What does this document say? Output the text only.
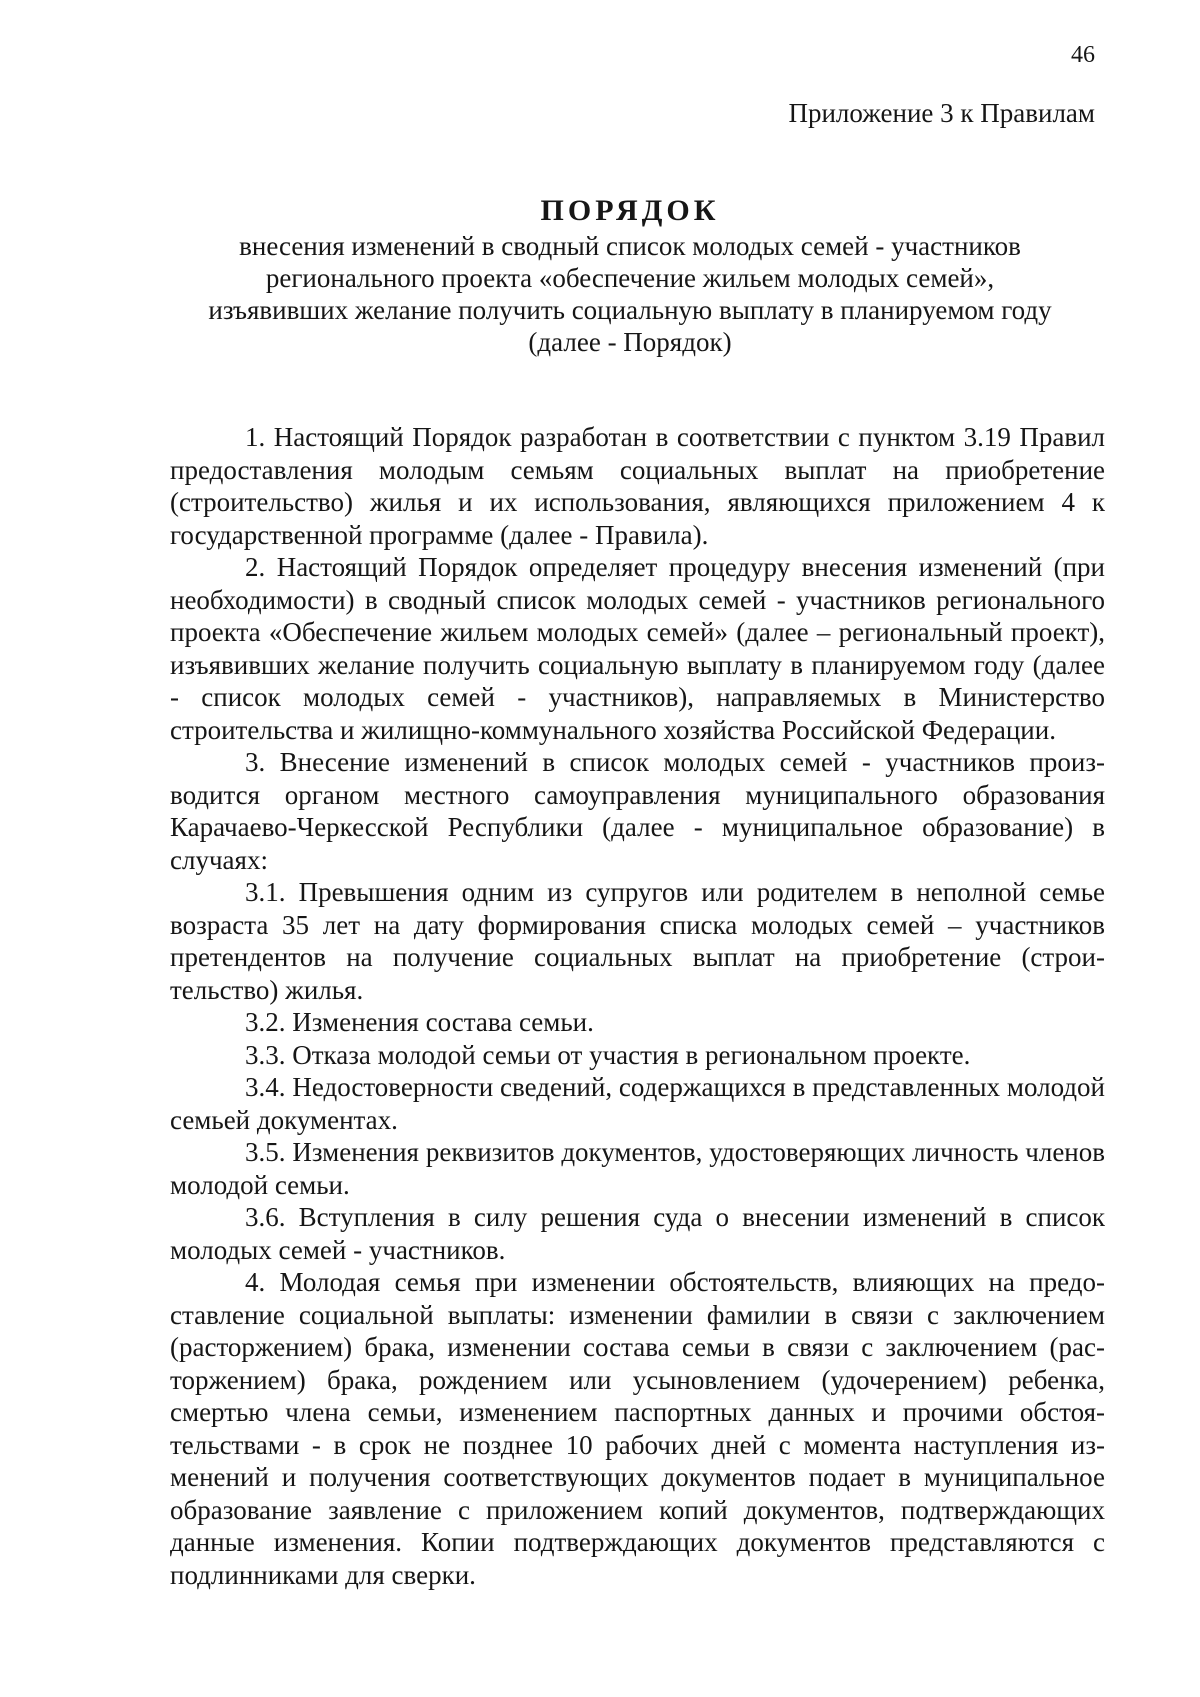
46
Приложение 3 к Правилам
ПОРЯДОК
внесения изменений в сводный список молодых семей - участников
регионального проекта «обеспечение жильем молодых семей»,
изъявивших желание получить социальную выплату в планируемом году
(далее - Порядок)

1. Настоящий Порядок разработан в соответствии с пунктом 3.19 Правил предоставления молодым семьям социальных выплат на приобретение (строительство) жилья и их использования, являющихся приложением 4 к государственной программе (далее - Правила).

2. Настоящий Порядок определяет процедуру внесения изменений (при необходимости) в сводный список молодых семей - участников регионального проекта «Обеспечение жильем молодых семей» (далее – региональный проект), изъявивших желание получить социальную выплату в планируемом году (далее - список молодых семей - участников), направляемых в Министерство строительства и жилищно-коммунального хозяйства Российской Федерации.

3. Внесение изменений в список молодых семей - участников производится органом местного самоуправления муниципального образования Карачаево-Черкесской Республики (далее - муниципальное образование) в случаях:

3.1. Превышения одним из супругов или родителем в неполной семье возраста 35 лет на дату формирования списка молодых семей – участников претендентов на получение социальных выплат на приобретение (строительство) жилья.

3.2. Изменения состава семьи.

3.3. Отказа молодой семьи от участия в региональном проекте.

3.4. Недостоверности сведений, содержащихся в представленных молодой семьей документах.

3.5. Изменения реквизитов документов, удостоверяющих личность членов молодой семьи.

3.6. Вступления в силу решения суда о внесении изменений в список молодых семей - участников.

4. Молодая семья при изменении обстоятельств, влияющих на предоставление социальной выплаты: изменении фамилии в связи с заключением (расторжением) брака, изменении состава семьи в связи с заключением (расторжением) брака, рождением или усыновлением (удочерением) ребенка, смертью члена семьи, изменением паспортных данных и прочими обстоятельствами - в срок не позднее 10 рабочих дней с момента наступления изменений и получения соответствующих документов подает в муниципальное образование заявление с приложением копий документов, подтверждающих данные изменения. Копии подтверждающих документов представляются с подлинниками для сверки.
